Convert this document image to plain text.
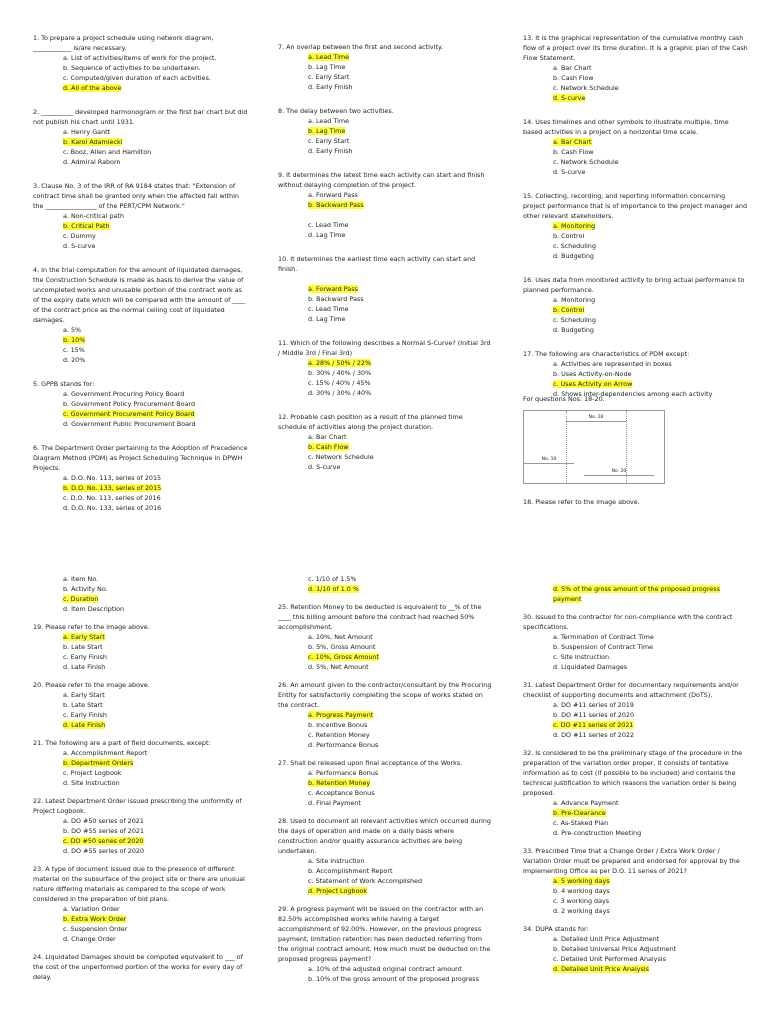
1. To prepare a project schedule using network diagram, ____________ is/are necessary.

a. List of activities/items of work for the project.
b. Sequence of activities to be undertaken.
c. Computed/given duration of each activities.
d. All of the above

2. __________ developed harmonogram or the first bar chart but did not publish his chart until 1931.

a. Henry Gantt
b. Karol Adamiecki
c. Booz, Allen and Hamilton
d. Admiral Raborn

3. Clause No. 3 of the IRR of RA 9184 states that: "Extension of contract time shall be granted only when the affected fall within the ________________ of the PERT/CPM Network."

a. Non-critical path
b. Critical Path
c. Dummy
d. S-curve

4. In the trial computation for the amount of liquidated damages, the Construction Schedule is made as basis to derive the value of uncompleted works and unusable portion of the contract work as of the expiry date which will be compared with the amount of ____ of the contract price as the normal ceiling cost of liquidated damages.

a. 5%
b. 10%
c. 15%
d. 20%

5. GPPB stands for:

a. Government Procuring Policy Board
b. Government Policy Procurement Board
c. Government Procurement Policy Board
d. Government Public Procurement Board

6. The Department Order pertaining to the Adoption of Precedence Diagram Method (PDM) as Project Scheduling Technique in DPWH Projects.

a. D.O. No. 113, series of 2015
b. D.O. No. 133, series of 2015
c. D.O. No. 113, series of 2016
d. D.O. No. 133, series of 2016

7. An overlap between the first and second activity.

a. Lead Time
b. Lag Time
c. Early Start
d. Early Finish

8. The delay between two activities.

a. Lead Time
b. Lag Time
c. Early Start
d. Early Finish

9. It determines the latest time each activity can start and finish without delaying completion of the project.

a. Forward Pass
b. Backward Pass

c. Lead Time
d. Lag Time

10. It determines the earliest time each activity can start and finish.

a. Forward Pass
b. Backward Pass
c. Lead Time
d. Lag Time

11. Which of the following describes a Normal S-Curve? (Initial 3rd / Middle 3rd / Final 3rd)

a. 28% / 50% / 22%
b. 30% / 40% / 30%
c. 15% / 40% / 45%
d. 30% / 30% / 40%

12. Probable cash position as a result of the planned time schedule of activities along the project duration.

a. Bar Chart
b. Cash Flow
c. Network Schedule
d. S-curve

13. It is the graphical representation of the cumulative monthly cash flow of a project over its time duration. It is a graphic plan of the Cash Flow Statement.

a. Bar Chart
b. Cash Flow
c. Network Schedule
d. S-curve

14. Uses timelines and other symbols to illustrate multiple, time based activities in a project on a horizontal time scale.

a. Bar Chart
b. Cash Flow
c. Network Schedule
d. S-curve

15. Collecting, recording, and reporting information concerning project performance that is of importance to the project manager and other relevant stakeholders.

a. Monitoring
b. Control
c. Scheduling
d. Budgeting

16. Uses data from monitored activity to bring actual performance to planned performance.

a. Monitoring
b. Control
c. Scheduling
d. Budgeting

17. The following are characteristics of PDM except:

a. Activities are represented in boxes
b. Uses Activity-on-Node
c. Uses Activity on Arrow
d. Shows inter-dependencies among each activity
a. Item No.
b. Activity No.
c. Duration
d. Item Description

19. Please refer to the image above.

a. Early Start
b. Late Start
c. Early Finish
d. Late Finish

20. Please refer to the image above.

a. Early Start
b. Late Start
c. Early Finish
d. Late Finish

21. The following are a part of field documents, except:

a. Accomplishment Report
b. Department Orders
c. Project Logbook
d. Site Instruction

22. Latest Department Order issued prescribing the uniformity of Project Logbook.

a. DO #50 series of 2021
b. DO #55 series of 2021
c. DO #50 series of 2020
d. DO #55 series of 2020

23. A type of document issued due to the presence of different material on the subsurface of the project site or there are unusual nature differing materials as compared to the scope of work considered in the preparation of bid plans.

a. Variation Order
b. Extra Work Order
c. Suspension Order
d. Change Order

24. Liquidated Damages should be computed equivalent to ___ of the cost of the unperformed portion of the works for every day of delay.

c. 1/10 of 1.5%
d. 1/10 of 1.0 %

25. Retention Money to be deducted is equivalent to __% of the ____ this billing amount before the contract had reached 50% accomplishment.

a. 10%, Net Amount
b. 5%, Gross Amount
c. 10%, Gross Amount
d. 5%, Net Amount

26. An amount given to the contractor/consultant by the Procuring Entity for satisfactorily completing the scope of works stated on the contract.

a. Progress Payment
b. Incentive Bonus
c. Retention Money
d. Performance Bonus

27. Shall be released upon final acceptance of the Works.

a. Performance Bonus
b. Retention Money
c. Acceptance Bonus
d. Final Payment

28. Used to document all relevant activities which occurred during the days of operation and made on a daily basis where construction and/or quality assurance activities are being undertaken.

a. Site Instruction
b. Accomplishment Report
c. Statement of Work Accomplished
d. Project Logbook

29. A progress payment will be issued on the contractor with an 82.50% accomplished works while having a target accomplishment of 92.00%. However, on the previous progress payment, limitation retention has been deducted referring from the original contract amount. How much must be deducted on the proposed progress payment?

a. 10% of the adjusted original contract amount
b. 10% of the gross amount of the proposed progress
d. 5% of the gross amount of the proposed progress payment

30. Issued to the contractor for non-compliance with the contract specifications.

a. Termination of Contract Time
b. Suspension of Contract Time
c. Site Instruction
d. Liquidated Damages

31. Latest Department Order for documentary requirements and/or checklist of supporting documents and attachment (DoTS).

a. DO #11 series of 2019
b. DO #11 series of 2020
c. DO #11 series of 2021
d. DO #11 series of 2022

32. Is considered to be the preliminary stage of the procedure in the preparation of the variation order proper, it consists of tentative information as to cost (if possible to be included) and contains the technical justification to which reasons the variation order is being proposed.

a. Advance Payment
b. Pre-Clearance
c. As-Staked Plan
d. Pre-construction Meeting

33. Prescribed Time that a Change Order / Extra Work Order / Variation Order must be prepared and endorsed for approval by the Implementing Office as per D.O. 11 series of 2021?

a. 5 working days
b. 4 working days
c. 3 working days
d. 2 working days

34. DUPA stands for:

a. Detailed Unit Price Adjustment
b. Detailed Universal Price Adjustment
c. Detailed Unit Performed Analysis
d. Detailed Unit Price Analysis
For questions Nos. 18-20.
No. 18
No. 19
No. 20
18. Please refer to the image above.
